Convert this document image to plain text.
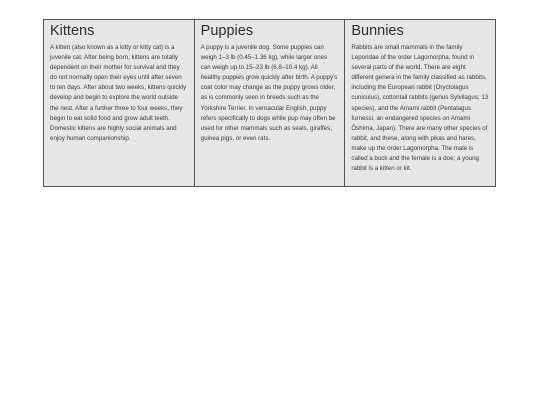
Kittens

A kitten (also known as a kitty or kitty cat) is a juvenile cat. After being born, kittens are totally dependent on their mother for survival and they do not normally open their eyes until after seven to ten days. After about two weeks, kittens quickly develop and begin to explore the world outside the nest. After a further three to four weeks, they begin to eat solid food and grow adult teeth. Domestic kittens are highly social animals and enjoy human companionship.

Puppies

A puppy is a juvenile dog. Some puppies can weigh 1–3 lb (0.45–1.36 kg), while larger ones can weigh up to 15–23 lb (6.8–10.4 kg). All healthy puppies grow quickly after birth. A puppy's coat color may change as the puppy grows older, as is commonly seen in breeds such as the Yorkshire Terrier. In vernacular English, puppy refers specifically to dogs while pup may often be used for other mammals such as seals, giraffes, guinea pigs, or even rats.

Bunnies

Rabbits are small mammals in the family Leporidae of the order Lagomorpha, found in several parts of the world. There are eight different genera in the family classified as rabbits, including the European rabbit (Oryctolagus cuniculus), cottontail rabbits (genus Sylvilagus; 13 species), and the Amami rabbit (Pentalagus furnessi, an endangered species on Amami Ōshima, Japan). There are many other species of rabbit, and these, along with pikas and hares, make up the order Lagomorpha. The male is called a buck and the female is a doe; a young rabbit is a kitten or kit.
